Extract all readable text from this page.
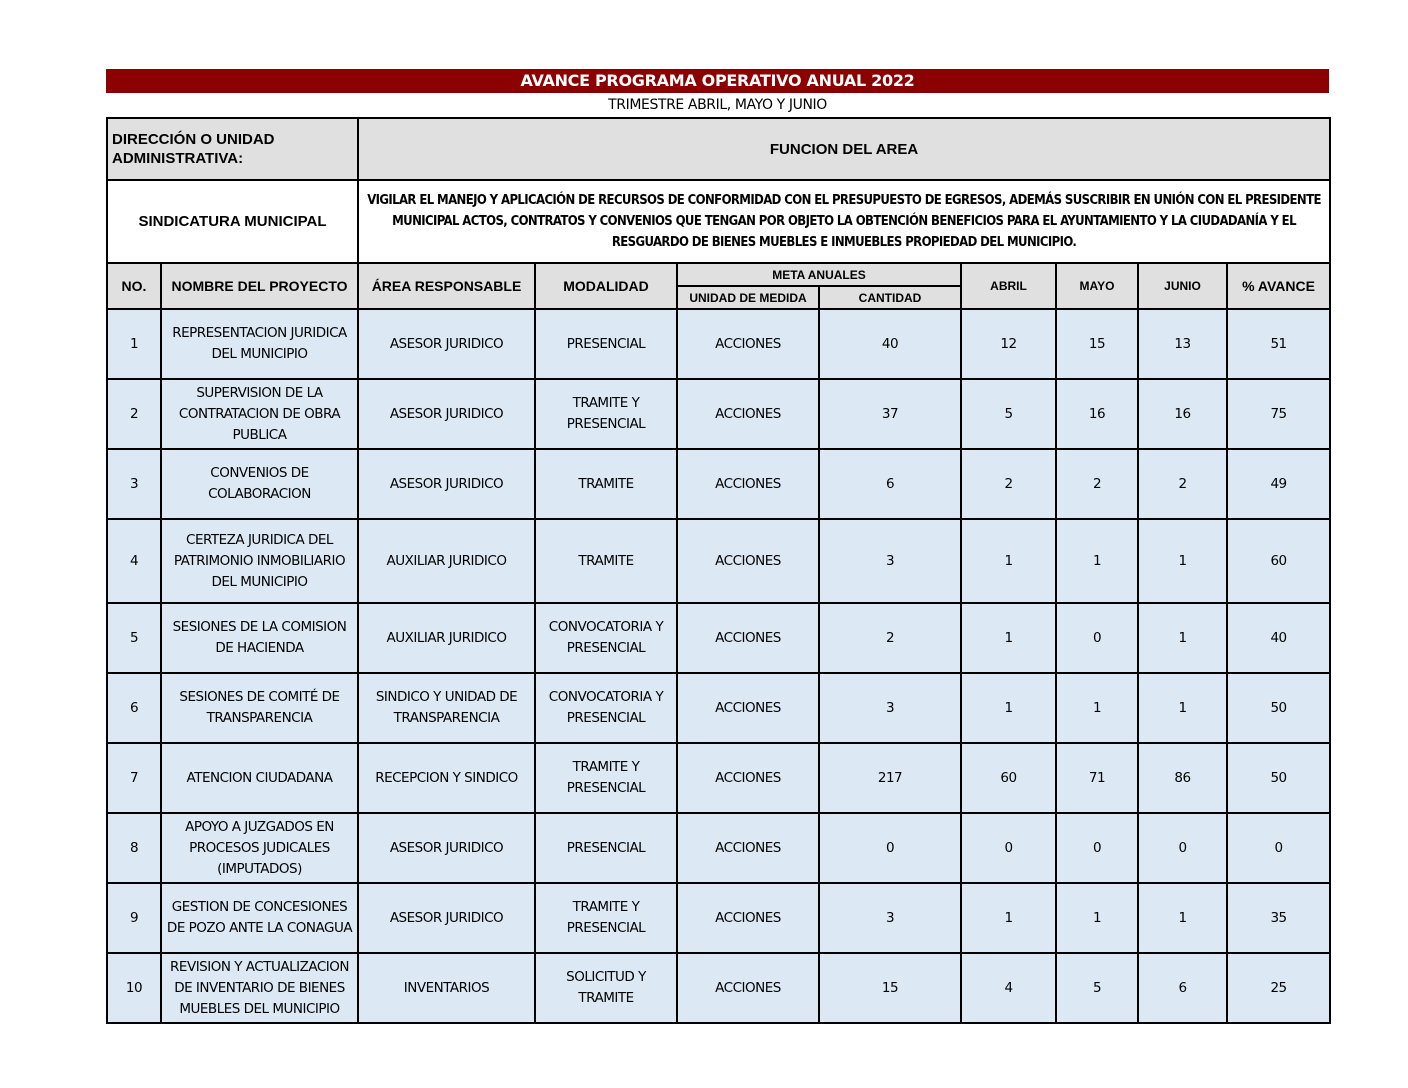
AVANCE PROGRAMA OPERATIVO ANUAL 2022
TRIMESTRE ABRIL, MAYO Y JUNIO
DIRECCIÓN O UNIDAD ADMINISTRATIVA:		FUNCION DEL AREA							
SINDICATURA MUNICIPAL		VIGILAR EL MANEJO Y APLICACIÓN DE RECURSOS DE CONFORMIDAD CON EL PRESUPUESTO DE EGRESOS, ADEMÁS SUSCRIBIR EN UNIÓN CON EL PRESIDENTE MUNICIPAL ACTOS, CONTRATOS Y CONVENIOS QUE TENGAN POR OBJETO LA OBTENCIÓN BENEFICIOS PARA EL AYUNTAMIENTO Y LA CIUDADANÍA Y EL RESGUARDO DE BIENES MUEBLES E INMUEBLES PROPIEDAD DEL MUNICIPIO.							
NO.	NOMBRE DEL PROYECTO	ÁREA RESPONSABLE	MODALIDAD	META ANUALES		ABRIL	MAYO	JUNIO	% AVANCE
				UNIDAD DE MEDIDA	CANTIDAD				
1	REPRESENTACION JURIDICA DEL MUNICIPIO	ASESOR JURIDICO	PRESENCIAL	ACCIONES	40	12	15	13	51
2	SUPERVISION DE LA CONTRATACION DE OBRA PUBLICA	ASESOR JURIDICO	TRAMITE Y PRESENCIAL	ACCIONES	37	5	16	16	75
3	CONVENIOS DE COLABORACION	ASESOR JURIDICO	TRAMITE	ACCIONES	6	2	2	2	49
4	CERTEZA JURIDICA DEL PATRIMONIO INMOBILIARIO DEL MUNICIPIO	AUXILIAR JURIDICO	TRAMITE	ACCIONES	3	1	1	1	60
5	SESIONES DE LA COMISION DE HACIENDA	AUXILIAR JURIDICO	CONVOCATORIA Y PRESENCIAL	ACCIONES	2	1	0	1	40
6	SESIONES DE COMITÉ DE TRANSPARENCIA	SINDICO Y UNIDAD DE TRANSPARENCIA	CONVOCATORIA Y PRESENCIAL	ACCIONES	3	1	1	1	50
7	ATENCION CIUDADANA	RECEPCION Y SINDICO	TRAMITE Y PRESENCIAL	ACCIONES	217	60	71	86	50
8	APOYO A JUZGADOS EN PROCESOS JUDICALES (IMPUTADOS)	ASESOR JURIDICO	PRESENCIAL	ACCIONES	0	0	0	0	0
9	GESTION DE CONCESIONES DE POZO ANTE LA CONAGUA	ASESOR JURIDICO	TRAMITE Y PRESENCIAL	ACCIONES	3	1	1	1	35
10	REVISION Y ACTUALIZACION DE INVENTARIO DE BIENES MUEBLES DEL MUNICIPIO	INVENTARIOS	SOLICITUD Y TRAMITE	ACCIONES	15	4	5	6	25
